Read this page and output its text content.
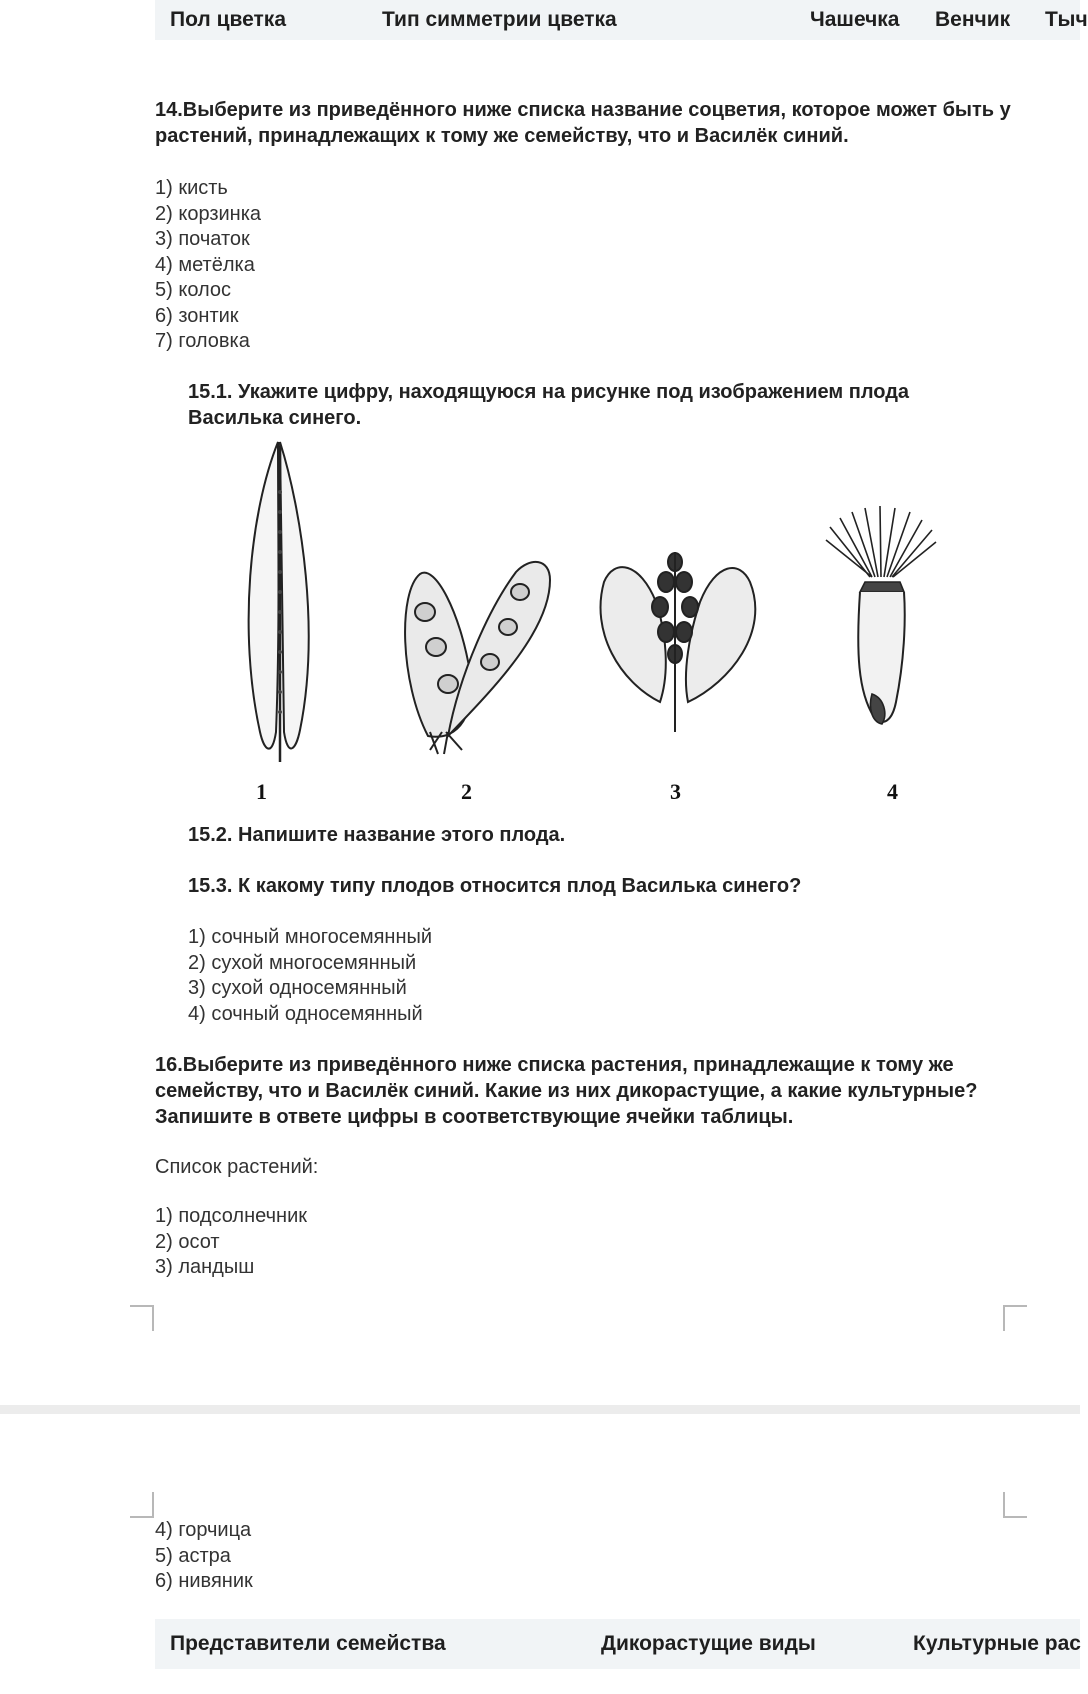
Пол цветка	Тип симметрии цветка	Чашечка Венчик Тыч
14.Выберите из приведённого ниже списка название соцветия, которое может быть у растений, принадлежащих к тому же семейству, что и Василёк синий.
1) кисть
2) корзинка
3) початок
4) метёлка
5) колос
6) зонтик
7) головка
15.1. Укажите цифру, находящуюся на рисунке под изображением плода Василька синего.
1	2	3	4
15.2. Напишите название этого плода.
15.3. К какому типу плодов относится плод Василька синего?
1) сочный многосемянный
2) сухой многосемянный
3) сухой односемянный
4) сочный односемянный
16.Выберите из приведённого ниже списка растения, принадлежащие к тому же семейству, что и Василёк синий. Какие из них дикорастущие, а какие культурные? Запишите в ответе цифры в соответствующие ячейки таблицы.
Список растений:
1) подсолнечник
2) осот
3) ландыш
4) горчица
5) астра
6) нивяник
Представители семейства	Дикорастущие виды	Культурные рас
